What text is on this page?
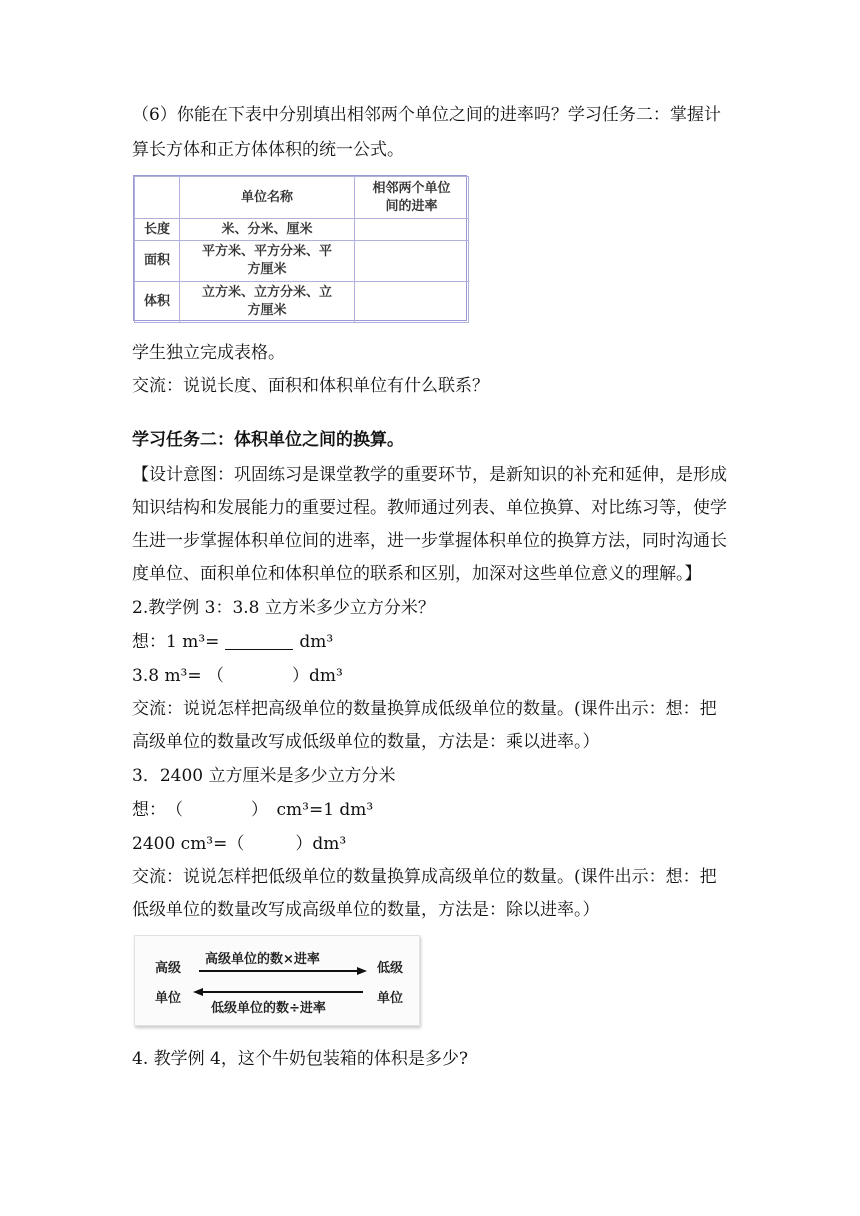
（6）你能在下表中分别填出相邻两个单位之间的进率吗？学习任务二：掌握计

算长方体和正方体体积的统一公式。

	单位名称	相邻两个单位
间的进率
长度	米、分米、厘米	
面积	平方米、平方分米、平
方厘米	
体积	立方米、立方分米、立
方厘米	

学生独立完成表格。

交流：说说长度、面积和体积单位有什么联系？

学习任务二：体积单位之间的换算。

【设计意图：巩固练习是课堂教学的重要环节，是新知识的补充和延伸，是形成

知识结构和发展能力的重要过程。教师通过列表、单位换算、对比练习等，使学

生进一步掌握体积单位间的进率，进一步掌握体积单位的换算方法，同时沟通长

度单位、面积单位和体积单位的联系和区别，加深对这些单位意义的理解。】

2.教学例 3：3.8 立方米多少立方分米？

想：1 m³=	dm³

3.8 m³= （　　　　）dm³

交流：说说怎样把高级单位的数量换算成低级单位的数量。(课件出示：想：把

高级单位的数量改写成低级单位的数量，方法是：乘以进率。）

3．2400 立方厘米是多少立方分米

想：　（　　　　）　cm³=1 dm³

2400 cm³=（　　　）dm³

交流：说说怎样把低级单位的数量换算成高级单位的数量。(课件出示：想：把

低级单位的数量改写成高级单位的数量，方法是：除以进率。）

高级
单位
低级
单位
高级单位的数×进率
低级单位的数÷进率

4. 教学例 4，这个牛奶包装箱的体积是多少?
